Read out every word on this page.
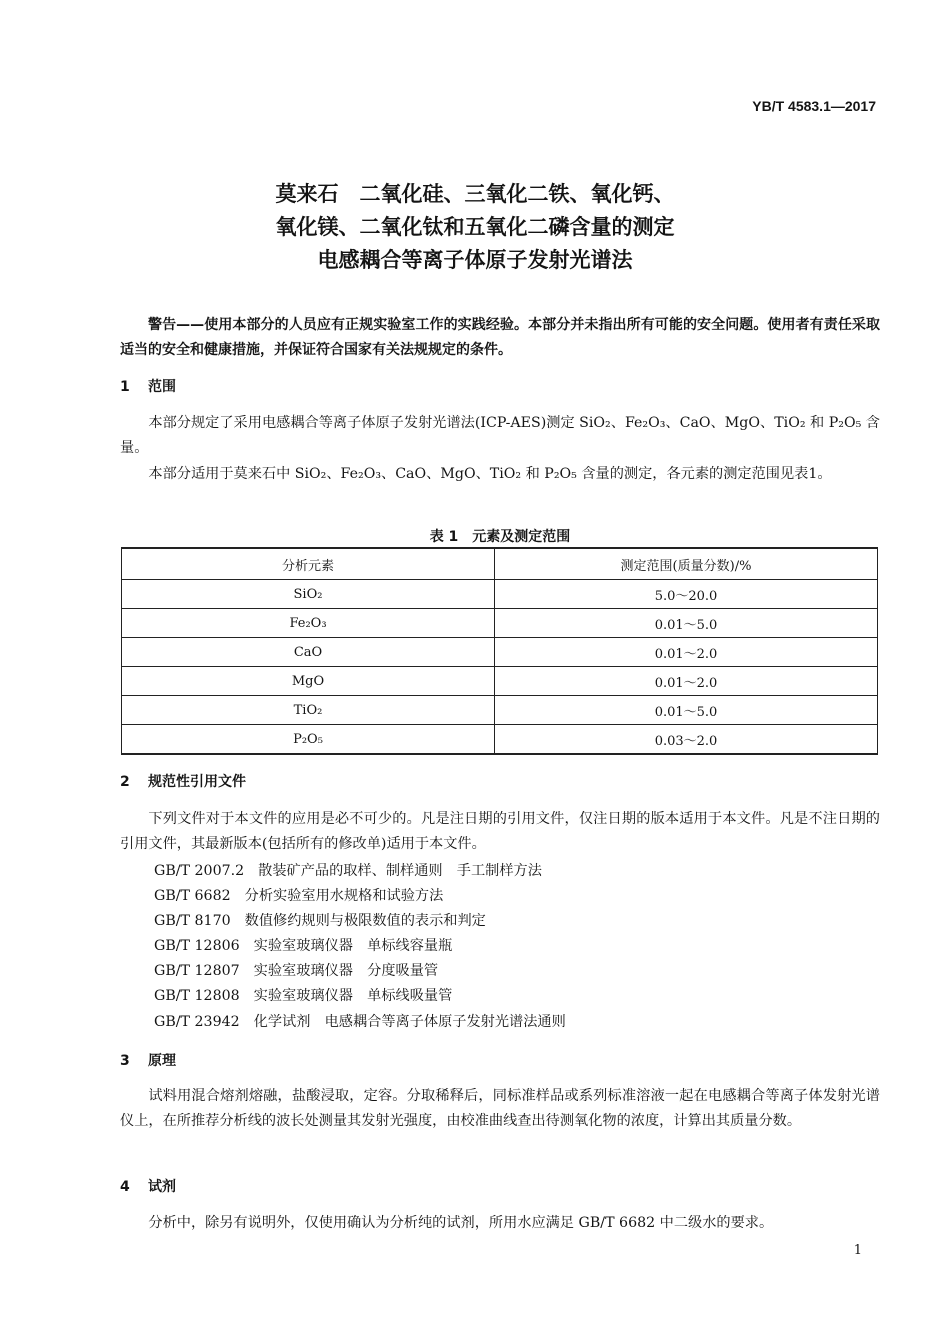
YB/T 4583.1—2017
莫来石　二氧化硅、三氧化二铁、氧化钙、
氧化镁、二氧化钛和五氧化二磷含量的测定
电感耦合等离子体原子发射光谱法

警告——使用本部分的人员应有正规实验室工作的实践经验。本部分并未指出所有可能的安全问题。使用者有责任采取适当的安全和健康措施，并保证符合国家有关法规规定的条件。

1 范围

本部分规定了采用电感耦合等离子体原子发射光谱法(ICP-AES)测定 SiO₂、Fe₂O₃、CaO、MgO、TiO₂ 和 P₂O₅ 含量。

本部分适用于莫来石中 SiO₂、Fe₂O₃、CaO、MgO、TiO₂ 和 P₂O₅ 含量的测定，各元素的测定范围见表1。

表 1　元素及测定范围
分析元素	测定范围(质量分数)/%
SiO₂	5.0～20.0
Fe₂O₃	0.01～5.0
CaO	0.01～2.0
MgO	0.01～2.0
TiO₂	0.01～5.0
P₂O₅	0.03～2.0
2 规范性引用文件

下列文件对于本文件的应用是必不可少的。凡是注日期的引用文件，仅注日期的版本适用于本文件。凡是不注日期的引用文件，其最新版本(包括所有的修改单)适用于本文件。

GB/T 2007.2 散装矿产品的取样、制样通则　手工制样方法
GB/T 6682 分析实验室用水规格和试验方法
GB/T 8170 数值修约规则与极限数值的表示和判定
GB/T 12806 实验室玻璃仪器　单标线容量瓶
GB/T 12807 实验室玻璃仪器　分度吸量管
GB/T 12808 实验室玻璃仪器　单标线吸量管
GB/T 23942 化学试剂　电感耦合等离子体原子发射光谱法通则
3 原理

试料用混合熔剂熔融，盐酸浸取，定容。分取稀释后，同标准样品或系列标准溶液一起在电感耦合等离子体发射光谱仪上，在所推荐分析线的波长处测量其发射光强度，由校准曲线查出待测氧化物的浓度，计算出其质量分数。

4 试剂

分析中，除另有说明外，仅使用确认为分析纯的试剂，所用水应满足 GB/T 6682 中二级水的要求。

1
